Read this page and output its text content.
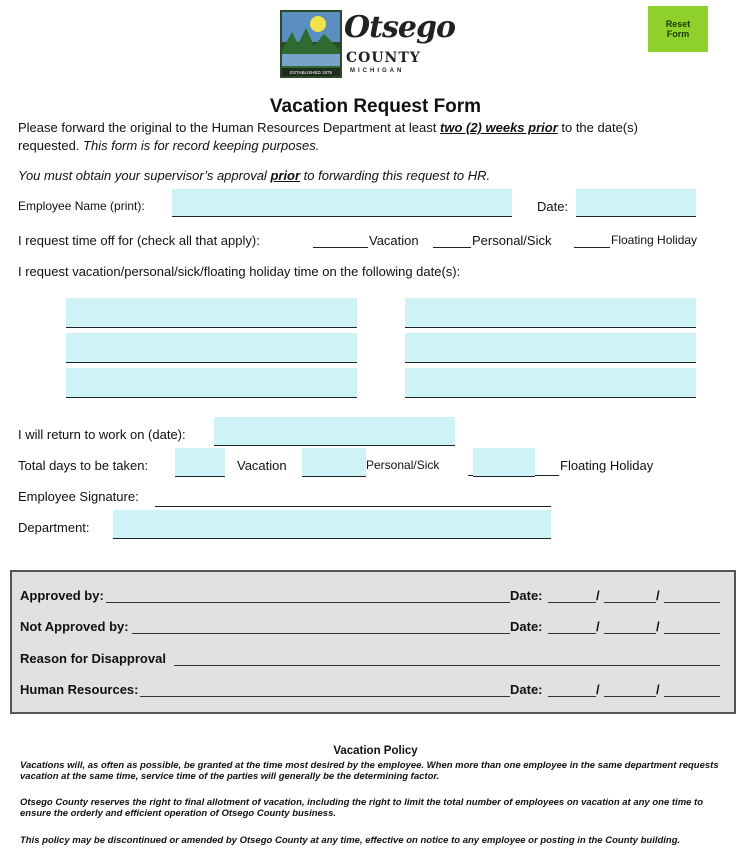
ESTABLISHED 1875
Otsego
COUNTY
MICHIGAN
Reset Form
Vacation Request Form
Please forward the original to the Human Resources Department at least two (2) weeks prior to the date(s)
requested. This form is for record keeping purposes.
You must obtain your supervisor’s approval prior to forwarding this request to HR.
Employee Name (print):	Date:
I request time off for (check all that apply):	Vacation	Personal/Sick	Floating Holiday
I request vacation/personal/sick/floating holiday time on the following date(s):
I will return to work on (date):
Total days to be taken:	Vacation	Personal/Sick	Floating Holiday
Employee Signature:
Department:
Approved by:	Date:	/	/
Not Approved by:	Date:	/	/
Reason for Disapproval
Human Resources:	Date:	/	/
Vacation Policy
Vacations will, as often as possible, be granted at the time most desired by the employee. When more than one employee in the same department requests vacation at the same time, service time of the parties will generally be the determining factor.
Otsego County reserves the right to final allotment of vacation, including the right to limit the total number of employees on vacation at any one time to ensure the orderly and efficient operation of Otsego County business.
This policy may be discontinued or amended by Otsego County at any time, effective on notice to any employee or posting in the County building.
